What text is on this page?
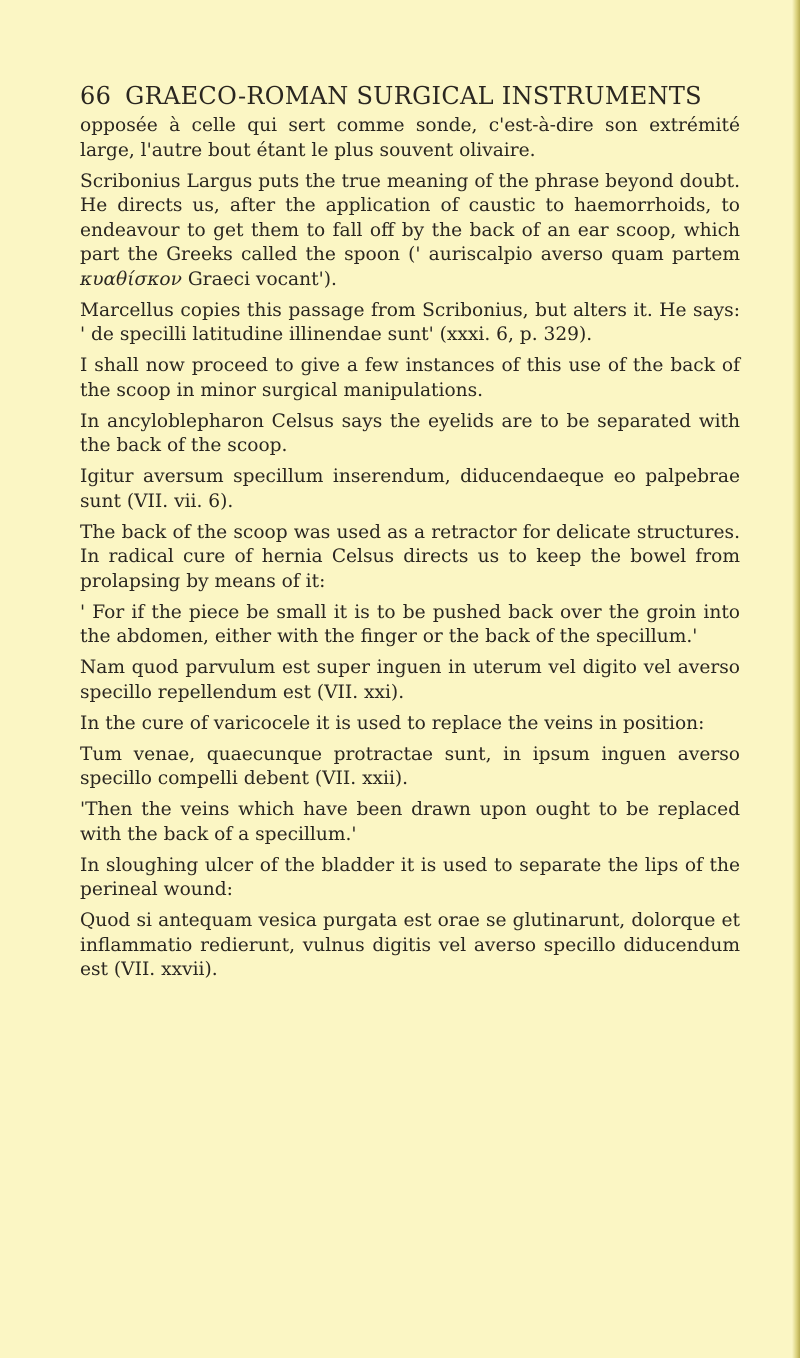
66 GRAECO-ROMAN SURGICAL INSTRUMENTS

opposée à celle qui sert comme sonde, c'est-à-dire son extrémité large, l'autre bout étant le plus souvent olivaire.

Scribonius Largus puts the true meaning of the phrase beyond doubt. He directs us, after the application of caustic to haemorrhoids, to endeavour to get them to fall off by the back of an ear scoop, which part the Greeks called the spoon (' auriscalpio averso quam partem κυαθίσκον Graeci vocant').

Marcellus copies this passage from Scribonius, but alters it. He says: ' de specilli latitudine illinendae sunt' (xxxi. 6, p. 329).

I shall now proceed to give a few instances of this use of the back of the scoop in minor surgical manipulations.

In ancyloblepharon Celsus says the eyelids are to be separated with the back of the scoop.

Igitur aversum specillum inserendum, diducendaeque eo palpebrae sunt (VII. vii. 6).

The back of the scoop was used as a retractor for delicate structures. In radical cure of hernia Celsus directs us to keep the bowel from prolapsing by means of it:

' For if the piece be small it is to be pushed back over the groin into the abdomen, either with the finger or the back of the specillum.'

Nam quod parvulum est super inguen in uterum vel digito vel averso specillo repellendum est (VII. xxi).

In the cure of varicocele it is used to replace the veins in position:

Tum venae, quaecunque protractae sunt, in ipsum inguen averso specillo compelli debent (VII. xxii).

'Then the veins which have been drawn upon ought to be replaced with the back of a specillum.'

In sloughing ulcer of the bladder it is used to separate the lips of the perineal wound:

Quod si antequam vesica purgata est orae se glutinarunt, dolorque et inflammatio redierunt, vulnus digitis vel averso specillo diducendum est (VII. xxvii).
